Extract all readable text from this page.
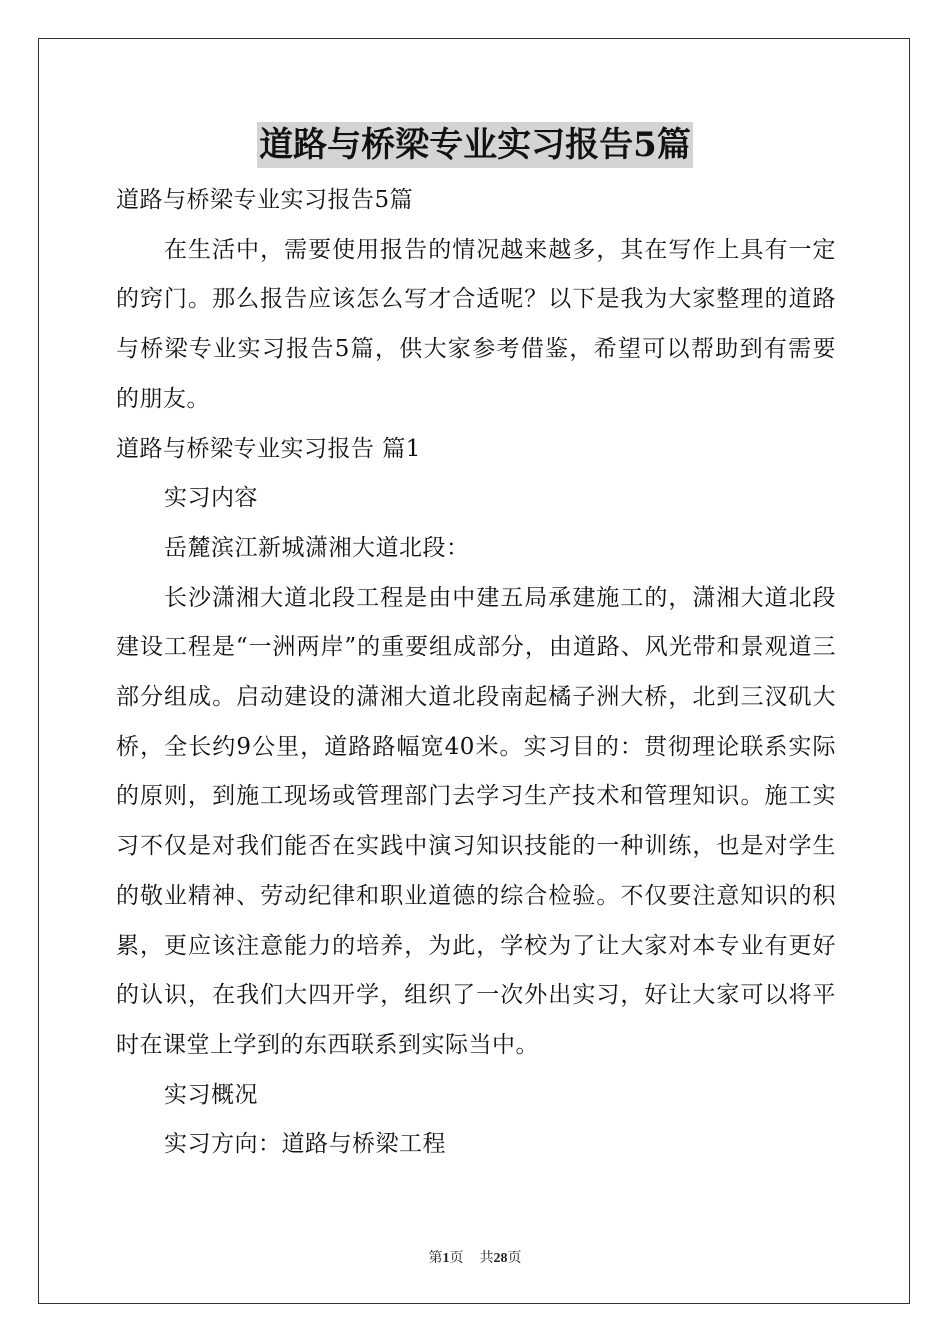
道路与桥梁专业实习报告5篇

道路与桥梁专业实习报告5篇

在生活中，需要使用报告的情况越来越多，其在写作上具有一定的窍门。那么报告应该怎么写才合适呢？以下是我为大家整理的道路与桥梁专业实习报告5篇，供大家参考借鉴，希望可以帮助到有需要的朋友。

道路与桥梁专业实习报告 篇1

实习内容

岳麓滨江新城潇湘大道北段：

长沙潇湘大道北段工程是由中建五局承建施工的，潇湘大道北段建设工程是“一洲两岸”的重要组成部分，由道路、风光带和景观道三部分组成。启动建设的潇湘大道北段南起橘子洲大桥，北到三汊矶大桥，全长约9公里，道路路幅宽40米。实习目的：贯彻理论联系实际的原则，到施工现场或管理部门去学习生产技术和管理知识。施工实习不仅是对我们能否在实践中演习知识技能的一种训练，也是对学生的敬业精神、劳动纪律和职业道德的综合检验。不仅要注意知识的积累，更应该注意能力的培养，为此，学校为了让大家对本专业有更好的认识，在我们大四开学，组织了一次外出实习，好让大家可以将平时在课堂上学到的东西联系到实际当中。

实习概况

实习方向：道路与桥梁工程

第1页 共28页
